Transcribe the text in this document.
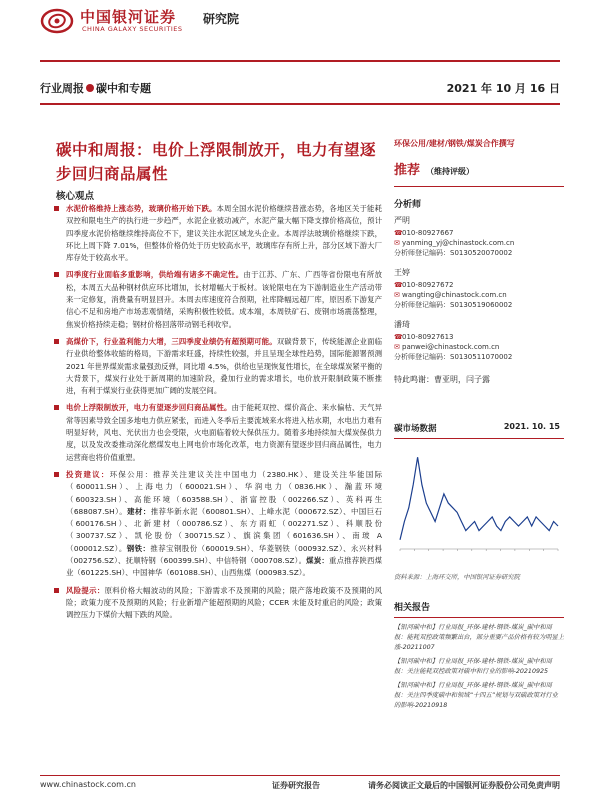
中国银河证券
CHINA GALAXY SECURITIES
研究院
行业周报 碳中和专题	2021 年 10 月 16 日
碳中和周报：电价上浮限制放开，电力有望逐步回归商品属性
核心观点
水泥价格维持上涨态势，玻璃价格开始下跌。本周全国水泥价格继续普涨态势，各地区关于能耗双控和限电生产的执行进一步趋严，水泥企业被动减产，水泥产量大幅下降支撑价格高位，预计四季度水泥价格继续维持高位不下，建议关注水泥区域龙头企业。本周浮法玻璃价格继续下跌，环比上周下降 7.01%，但整体价格仍处于历史较高水平，玻璃库存有所上升，部分区域下游大厂库存处于较高水平。
四季度行业面临多重影响，供给端有诸多不确定性。由于江苏、广东、广西等省份限电有所放松，本周五大品种钢材供应环比增加，长材增幅大于板材。该轮限电在为下游制造业生产活动带来一定修复，消费量有明显回升。本周去库速度符合预期，社库降幅远超厂库，原因系下游复产信心不足和房地产市场悲观情绪，采购积极性较低。成本端，本周铁矿石、废钢市场震荡整理，焦炭价格持续走稳；钢材价格回落带动钢毛利收窄。
高煤价下，行业盈利能力大增，三四季度业绩仍有超预期可能。双碳背景下，传统能源企业面临行业供给整体收缩的格局，下游需求旺盛，持续性较强，并且呈现全球性趋势，国际能源署预测 2021 年世界煤炭需求量强劲反弹，同比增 4.5%，供给也呈现恢复性增长，在全球煤炭紧平衡的大背景下，煤炭行业处于新周期的加速阶段，叠加行业的需求增长，电价放开限制政策不断推进，有利于煤炭行业获得更加广阔的发展空间。
电价上浮限制放开，电力有望逐步回归商品属性。由于能耗双控、煤价高企、来水偏枯、天气异常等因素导致全国多地电力供应紧张，而进入冬季后主要流域来水将进入枯水期，水电出力难有明显好转，风电、光伏出力也会受限，火电面临着较大保供压力。随着多地持续加大煤炭保供力度，以及发改委推动深化燃煤发电上网电价市场化改革，电力资源有望逐步回归商品属性，电力运营商也将价值重塑。
投资建议：环保公用：推荐关注建议关注中国电力（2380.HK）、建设关注华能国际（600011.SH）、上海电力（600021.SH）、华润电力（0836.HK）、瀚蓝环境（600323.SH）、高能环境（603588.SH）、浙富控股（002266.SZ）、英科再生（688087.SH）。建材：推荐华新水泥（600801.SH）、上峰水泥（000672.SZ）、中国巨石（600176.SH）、北新建材（000786.SZ）、东方雨虹（002271.SZ）、科顺股份（300737.SZ）、凯伦股份（300715.SZ）、旗滨集团（601636.SH）、南玻 A（000012.SZ）。钢铁：推荐宝钢股份（600019.SH）、华菱钢铁（000932.SZ）、永兴材料（002756.SZ）、抚顺特钢（600399.SH）、中信特钢（000708.SZ）。煤炭：重点推荐陕西煤业（601225.SH）、中国神华（601088.SH）、山西焦煤（000983.SZ）。
风险提示：原料价格大幅波动的风险；下游需求不及预期的风险；限产落地政策不及预期的风险；政策力度不及预期的风险；行业新增产能超预期的风险；CCER 未能及时重启的风险；政策调控压力下煤价大幅下跌的风险。
环保公用/建材/钢铁/煤炭合作撰写
推荐 （维持评级）
分析师
严明
☎010-80927667
✉ yanming_yj@chinastock.com.cn
分析师登记编码：S0130520070002
王婷
☎010-80927672
✉ wangting@chinastock.com.cn
分析师登记编码：S0130519060002
潘琦
☎010-80927613
✉ panwei@chinastock.com.cn
分析师登记编码：S0130511070002
特此鸣谢：曹亚明，闫子露
碳市场数据	2021. 10. 15
资料来源：上海环交所，中国银河证券研究院
相关报告
【银河碳中和】行业周报_环保-建材-钢铁-煤炭_碳中和周报：能耗双控政策频繁出台，部分重要产品价格有较为明显上涨-20211007
【银河碳中和】行业周报_环保-建材-钢铁-煤炭_碳中和周报：关注能耗双控政策对碳中和行业的影响-20210925
【银河碳中和】行业周报_环保-建材-钢铁-煤炭_碳中和周报：关注四季度碳中和领域“十四五”规划与双碳政策对行业的影响-20210918
www.chinastock.com.cn	证券研究报告	请务必阅读正文最后的中国银河证券股份公司免责声明
